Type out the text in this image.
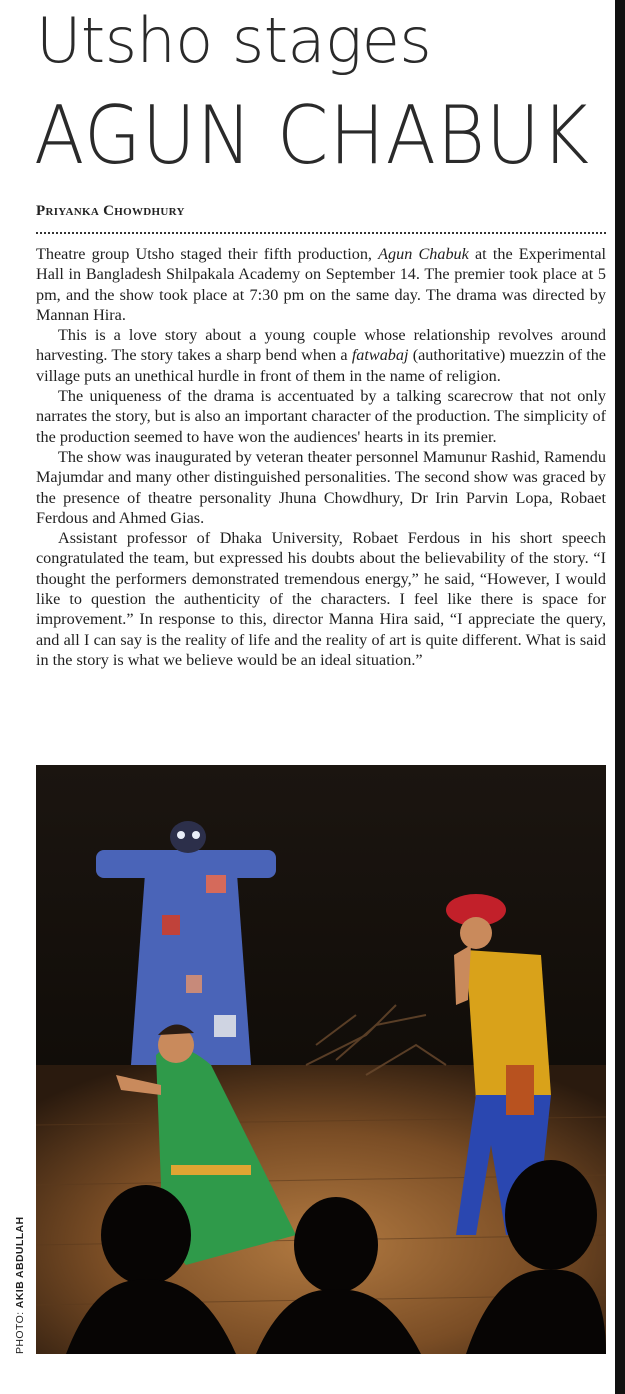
Utsho stages
AGUN CHABUK
Priyanka Chowdhury

Theatre group Utsho staged their fifth production, Agun Chabuk at the Experimental Hall in Bangladesh Shilpakala Academy on September 14. The premier took place at 5 pm, and the show took place at 7:30 pm on the same day. The drama was directed by Mannan Hira.

This is a love story about a young couple whose relationship revolves around harvesting. The story takes a sharp bend when a fatwabaj (authoritative) muezzin of the village puts an unethical hurdle in front of them in the name of religion.

The uniqueness of the drama is accentuated by a talking scarecrow that not only narrates the story, but is also an important character of the production. The simplicity of the production seemed to have won the audiences' hearts in its premier.

The show was inaugurated by veteran theater personnel Mamunur Rashid, Ramendu Majumdar and many other distinguished personalities. The second show was graced by the presence of theatre personality Jhuna Chowdhury, Dr Irin Parvin Lopa, Robaet Ferdous and Ahmed Gias.

Assistant professor of Dhaka University, Robaet Ferdous in his short speech congratulated the team, but expressed his doubts about the believability of the story. “I thought the performers demonstrated tremendous energy,” he said, “However, I would like to question the authenticity of the characters. I feel like there is space for improvement.” In response to this, director Manna Hira said, “I appreciate the query, and all I can say is the reality of life and the reality of art is quite different. What is said in the story is what we believe would be an ideal situation.”

PHOTO: AKIB ABDULLAH
